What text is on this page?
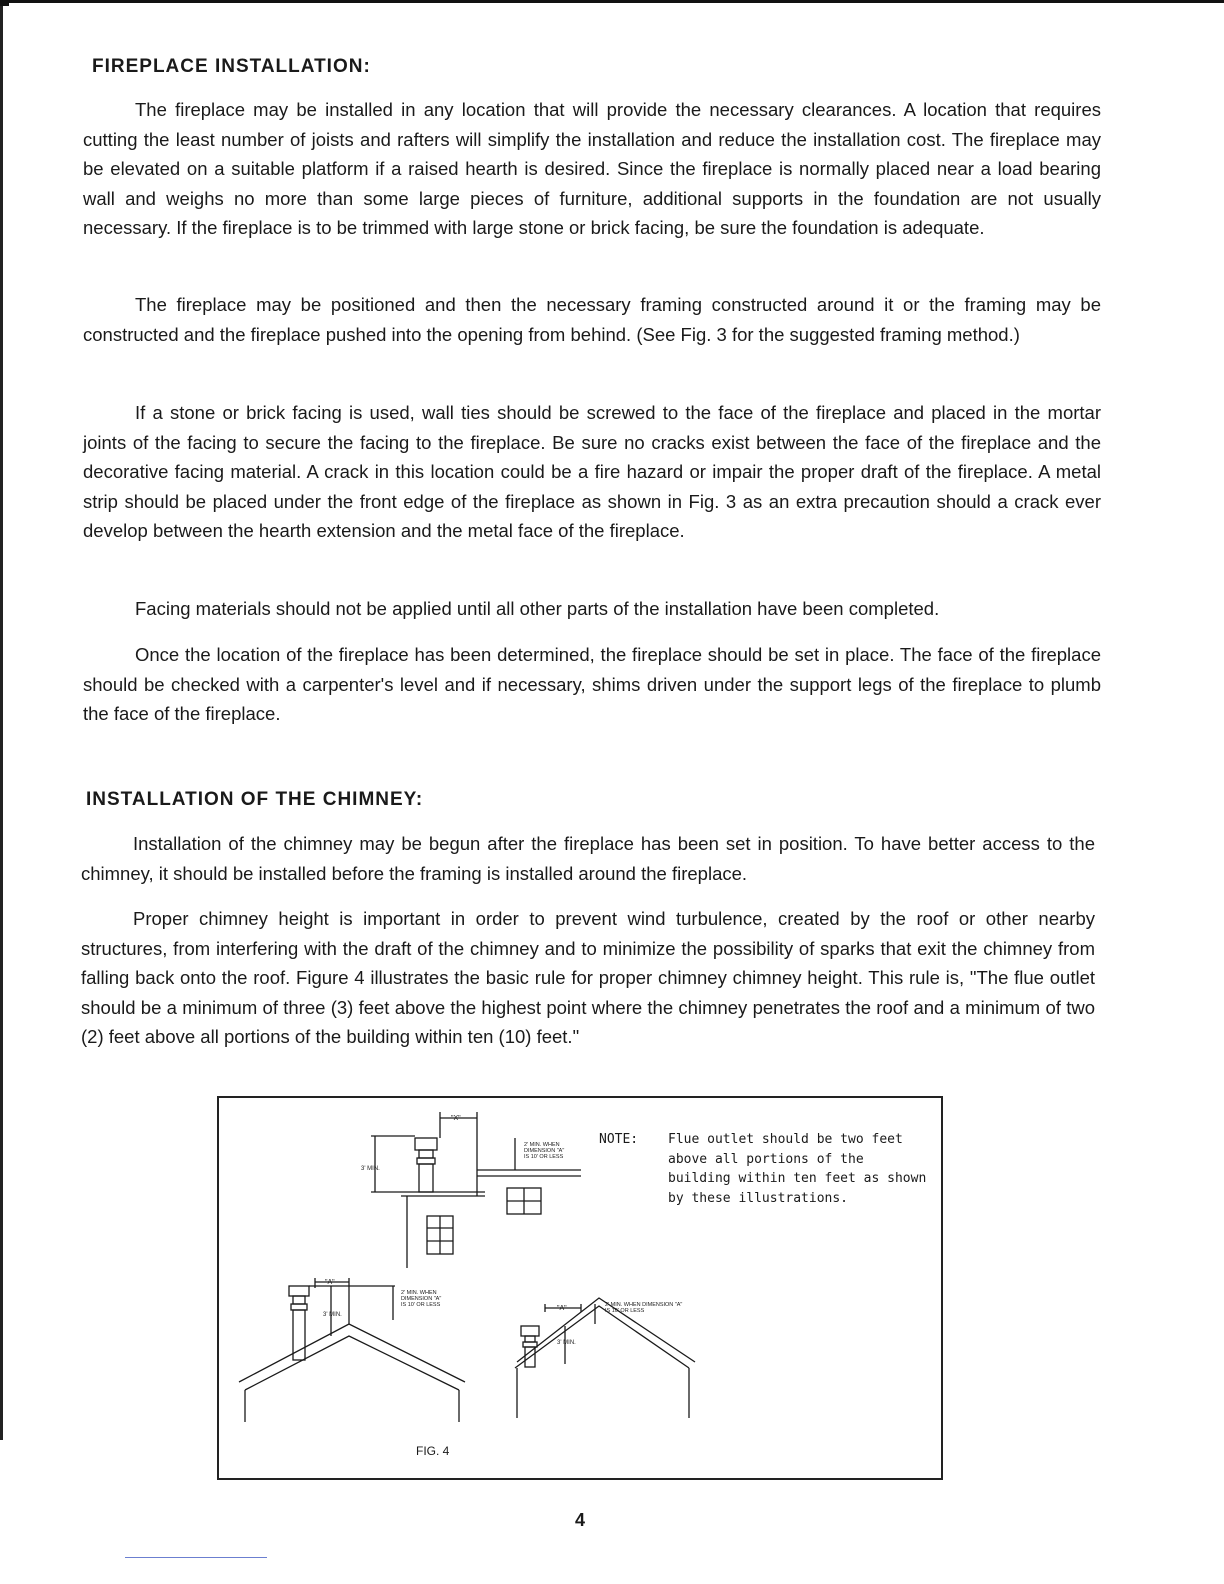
FIREPLACE INSTALLATION:

The fireplace may be installed in any location that will provide the necessary clearances. A location that requires cutting the least number of joists and rafters will simplify the installation and reduce the installation cost. The fireplace may be elevated on a suitable platform if a raised hearth is desired. Since the fireplace is normally placed near a load bearing wall and weighs no more than some large pieces of furniture, additional supports in the foundation are not usually necessary. If the fireplace is to be trimmed with large stone or brick facing, be sure the foundation is adequate.

The fireplace may be positioned and then the necessary framing constructed around it or the framing may be constructed and the fireplace pushed into the opening from behind. (See Fig. 3 for the suggested framing method.)

If a stone or brick facing is used, wall ties should be screwed to the face of the fireplace and placed in the mortar joints of the facing to secure the facing to the fireplace. Be sure no cracks exist between the face of the fireplace and the decorative facing material. A crack in this location could be a fire hazard or impair the proper draft of the fireplace. A metal strip should be placed under the front edge of the fireplace as shown in Fig. 3 as an extra precaution should a crack ever develop between the hearth extension and the metal face of the fireplace.

Facing materials should not be applied until all other parts of the installation have been completed.

Once the location of the fireplace has been determined, the fireplace should be set in place. The face of the fireplace should be checked with a carpenter's level and if necessary, shims driven under the support legs of the fireplace to plumb the face of the fireplace.

INSTALLATION OF THE CHIMNEY:

Installation of the chimney may be begun after the fireplace has been set in position. To have better access to the chimney, it should be installed before the framing is installed around the fireplace.

Proper chimney height is important in order to prevent wind turbulence, created by the roof or other nearby structures, from interfering with the draft of the chimney and to minimize the possibility of sparks that exit the chimney from falling back onto the roof. Figure 4 illustrates the basic rule for proper chimney chimney height. This rule is, "The flue outlet should be a minimum of three (3) feet above the highest point where the chimney penetrates the roof and a minimum of two (2) feet above all portions of the building within ten (10) feet."

"X"
3' MIN.
2' MIN. WHEN
DIMENSION "A"
IS 10' OR LESS
"A"
2' MIN. WHEN
DIMENSION "A"
IS 10' OR LESS
3' MIN.
"A"	2' MIN. WHEN DIMENSION "A"
IS 10' OR LESS
3' MIN.
NOTE: Flue outlet should be two feet above all portions of the building within ten feet as shown by these illustrations.
FIG. 4
4
